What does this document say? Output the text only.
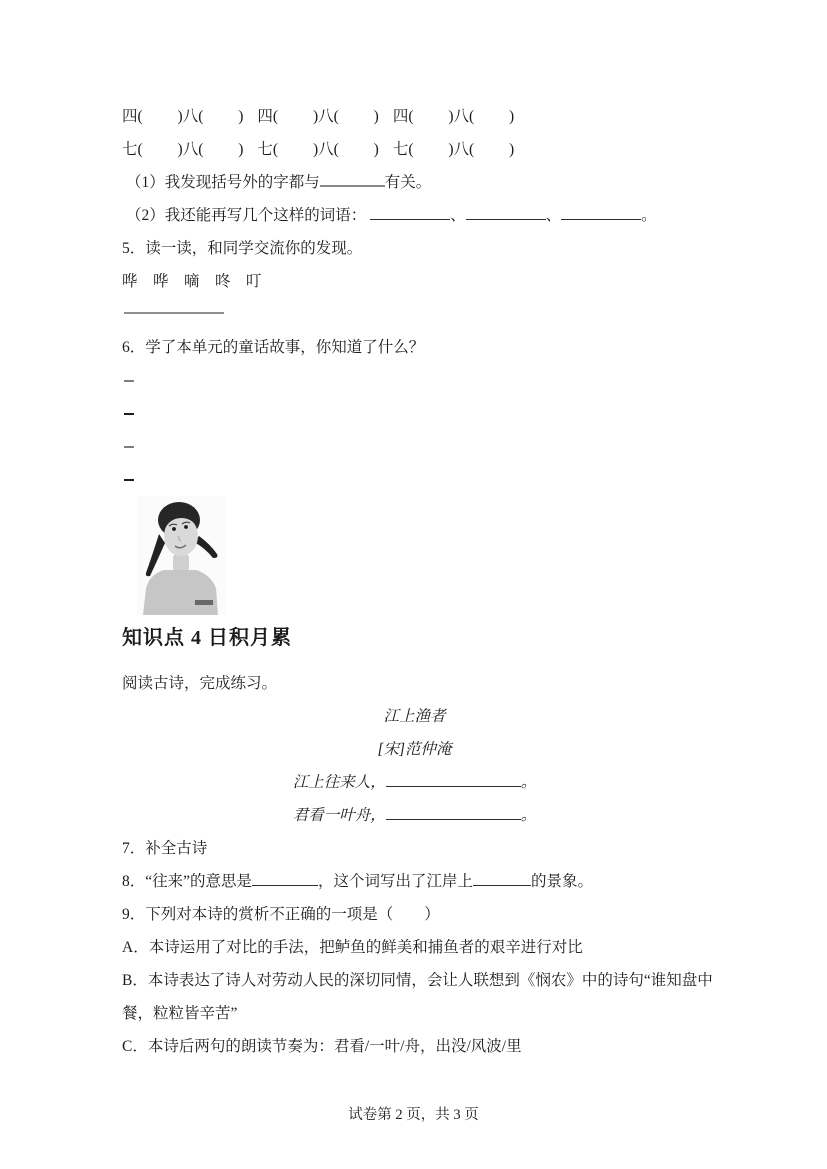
四(　　 )八(　　 ) 四(　　 )八(　　 ) 四(　　 )八(　　 )

七(　　 )八(　　 ) 七(　　 )八(　　 ) 七(　　 )八(　　 )

（1）我发现括号外的字都与	有关。

（2）我还能再写几个这样的词语：	、	、	。

5．读一读，和同学交流你的发现。

哗　哗　嘀　咚　叮

6．学了本单元的童话故事，你知道了什么？

知识点 4 日积月累

阅读古诗，完成练习。

江上渔者

[宋]范仲淹

江上往来人，	。

君看一叶舟，	。

7．补全古诗

8．“往来”的意思是	，这个词写出了江岸上	的景象。

9．下列对本诗的赏析不正确的一项是（　　）

A．本诗运用了对比的手法，把鲈鱼的鲜美和捕鱼者的艰辛进行对比

B．本诗表达了诗人对劳动人民的深切同情，会让人联想到《悯农》中的诗句“谁知盘中餐，粒粒皆辛苦”

C．本诗后两句的朗读节奏为：君看/一叶/舟，出没/风波/里

试卷第 2 页，共 3 页
